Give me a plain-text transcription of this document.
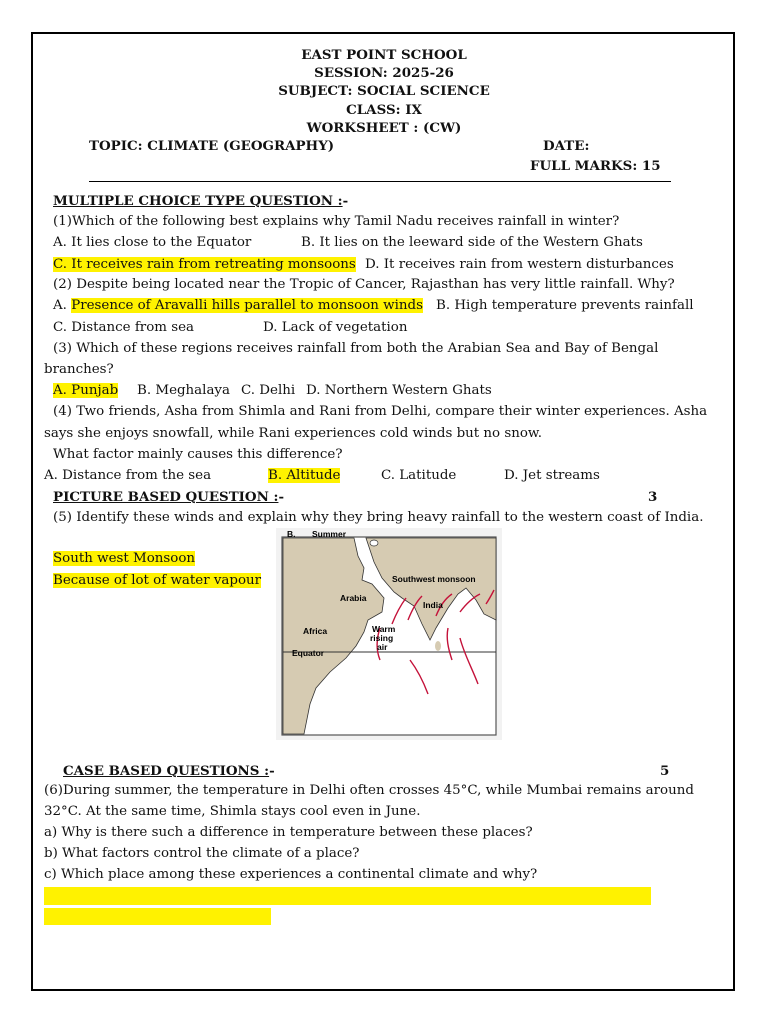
EAST POINT SCHOOL
SESSION: 2025-26
SUBJECT: SOCIAL SCIENCE
CLASS: IX
WORKSHEET : (CW)
TOPIC: CLIMATE (GEOGRAPHY)	DATE:
FULL MARKS: 15
MULTIPLE CHOICE TYPE QUESTION :-
(1)Which of the following best explains why Tamil Nadu receives rainfall in winter?
A. It lies close to the Equator	B. It lies on the leeward side of the Western Ghats
C. It receives rain from retreating monsoons D. It receives rain from western disturbances
(2) Despite being located near the Tropic of Cancer, Rajasthan has very little rainfall. Why?
A. Presence of Aravalli hills parallel to monsoon winds B. High temperature prevents rainfall
C. Distance from sea	D. Lack of vegetation
(3) Which of these regions receives rainfall from both the Arabian Sea and Bay of Bengal
branches?
A. Punjab B. Meghalaya C. Delhi D. Northern Western Ghats
(4) Two friends, Asha from Shimla and Rani from Delhi, compare their winter experiences. Asha
says she enjoys snowfall, while Rani experiences cold winds but no snow.
What factor mainly causes this difference?
A. Distance from the sea	B. Altitude	C. Latitude	D. Jet streams
PICTURE BASED QUESTION :-	3
(5) Identify these winds and explain why they bring heavy rainfall to the western coast of India.
South west Monsoon
Because of lot of water vapour
B. Summer
Southwest monsoon
Arabia
India
Africa	Warm
rising
air
Equator
CASE BASED QUESTIONS :-	5
(6)During summer, the temperature in Delhi often crosses 45°C, while Mumbai remains around
32°C. At the same time, Shimla stays cool even in June.
a) Why is there such a difference in temperature between these places?
b) What factors control the climate of a place?
c) Which place among these experiences a continental climate and why?
